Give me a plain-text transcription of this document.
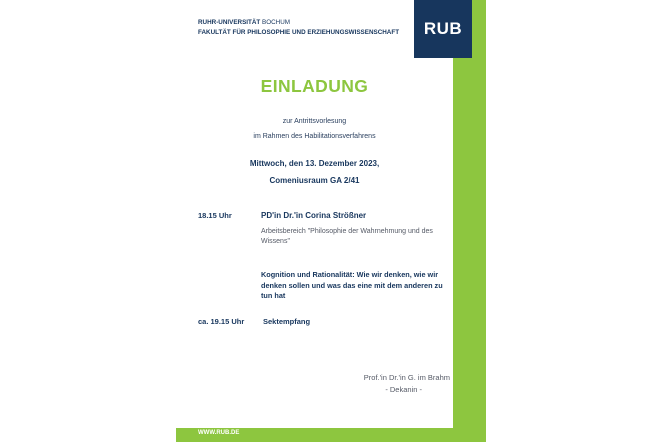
RUHR-UNIVERSITÄT BOCHUM
FAKULTÄT FÜR PHILOSOPHIE UND ERZIEHUNGSWISSENSCHAFT RUB
EINLADUNG
zur Antrittsvorlesung
im Rahmen des Habilitationsverfahrens
Mittwoch, den 13. Dezember 2023,
Comeniusraum GA 2/41
18.15 Uhr	PD'in Dr.'in Corina Strößner
Arbeitsbereich "Philosophie der Wahrnehmung und des Wissens"
Kognition und Rationalität: Wie wir denken, wie wir denken sollen und was das eine mit dem anderen zu tun hat
ca. 19.15 Uhr Sektempfang
Prof.'in Dr.'in G. im Brahm
- Dekanin -
WWW.RUB.DE
